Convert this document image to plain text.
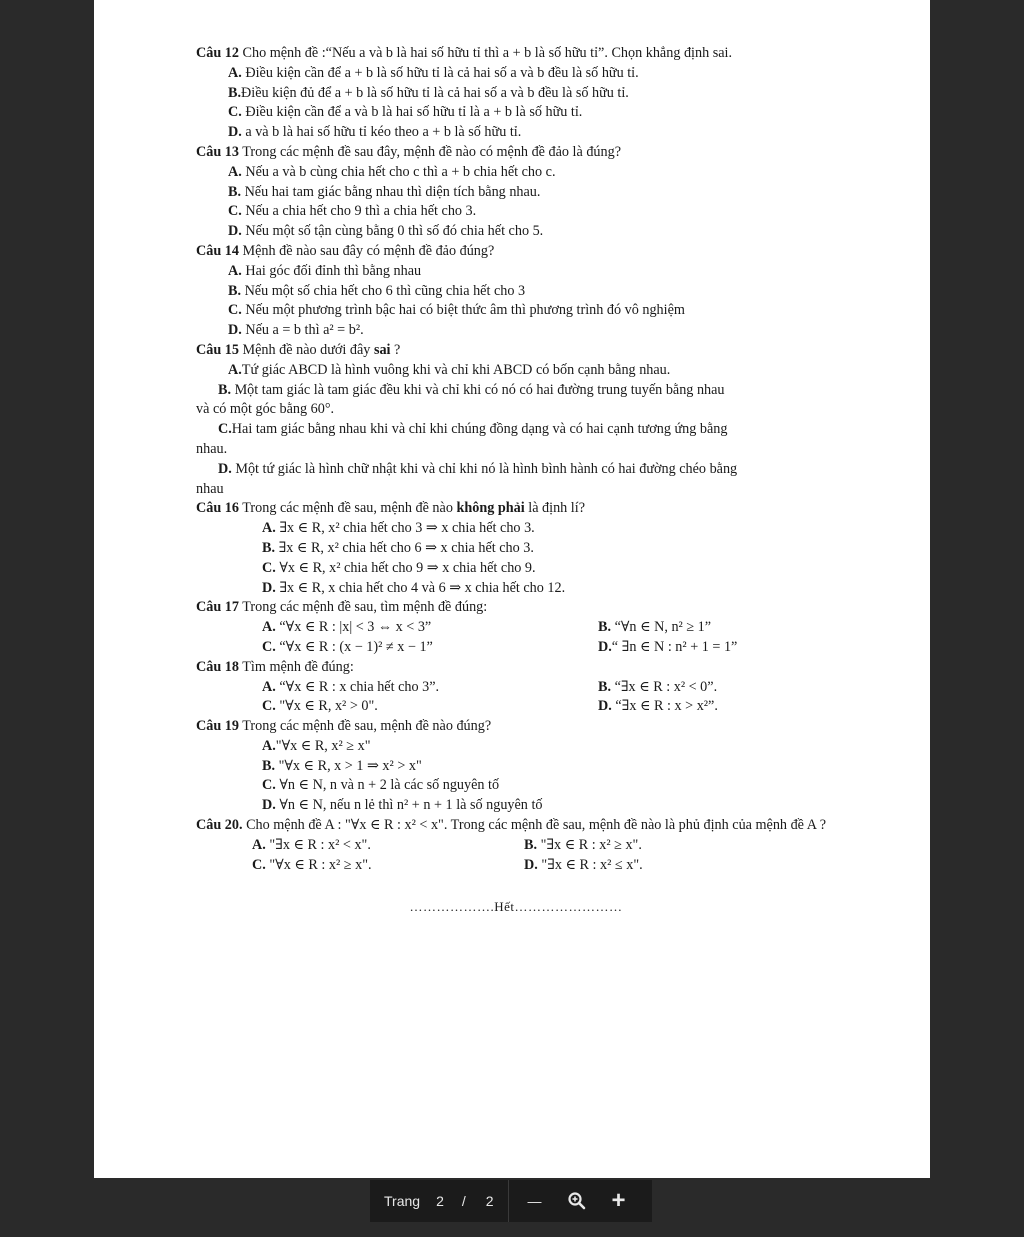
Câu 12 Cho mệnh đề :“Nếu a và b là hai số hữu tỉ thì a + b là số hữu tỉ”. Chọn khẳng định sai.
A. Điều kiện cần để a + b là số hữu tỉ là cả hai số a và b đều là số hữu tỉ.
B.Điều kiện đủ để a + b là số hữu tỉ là cả hai số a và b đều là số hữu tỉ.
C. Điều kiện cần để a và b là hai số hữu tỉ là a + b là số hữu tỉ.
D. a và b là hai số hữu tỉ kéo theo a + b là số hữu tỉ.
Câu 13 Trong các mệnh đề sau đây, mệnh đề nào có mệnh đề đảo là đúng?
A. Nếu a và b cùng chia hết cho c thì a + b chia hết cho c.
B. Nếu hai tam giác bằng nhau thì diện tích bằng nhau.
C. Nếu a chia hết cho 9 thì a chia hết cho 3.
D. Nếu một số tận cùng bằng 0 thì số đó chia hết cho 5.
Câu 14 Mệnh đề nào sau đây có mệnh đề đảo đúng?
A. Hai góc đối đỉnh thì bằng nhau
B. Nếu một số chia hết cho 6 thì cũng chia hết cho 3
C. Nếu một phương trình bậc hai có biệt thức âm thì phương trình đó vô nghiệm
D. Nếu a = b thì a² = b².
Câu 15 Mệnh đề nào dưới đây sai ?
A.Tứ giác ABCD là hình vuông khi và chỉ khi ABCD có bốn cạnh bằng nhau.
B. Một tam giác là tam giác đều khi và chỉ khi có nó có hai đường trung tuyến bằng nhau
và có một góc bằng 60°.
C.Hai tam giác bằng nhau khi và chỉ khi chúng đồng dạng và có hai cạnh tương ứng bằng
nhau.
D. Một tứ giác là hình chữ nhật khi và chỉ khi nó là hình bình hành có hai đường chéo bằng
nhau
Câu 16 Trong các mệnh đề sau, mệnh đề nào không phải là định lí?
A. ∃x ∈ R, x² chia hết cho 3 ⇒ x chia hết cho 3.
B. ∃x ∈ R, x² chia hết cho 6 ⇒ x chia hết cho 3.
C. ∀x ∈ R, x² chia hết cho 9 ⇒ x chia hết cho 9.
D. ∃x ∈ R, x chia hết cho 4 và 6 ⇒ x chia hết cho 12.
Câu 17 Trong các mệnh đề sau, tìm mệnh đề đúng:
A. “∀x ∈ R : |x| < 3 ⇔ x < 3”	B. “∀n ∈ N, n² ≥ 1”
C. “∀x ∈ R : (x − 1)² ≠ x − 1”	D.“ ∃n ∈ N : n² + 1 = 1”
Câu 18 Tìm mệnh đề đúng:
A. “∀x ∈ R : x chia hết cho 3”.	B. “∃x ∈ R : x² < 0”.
C. "∀x ∈ R, x² > 0".	D. “∃x ∈ R : x > x²”.
Câu 19 Trong các mệnh đề sau, mệnh đề nào đúng?
A."∀x ∈ R, x² ≥ x"
B. "∀x ∈ R, x > 1 ⇒ x² > x"
C. ∀n ∈ N, n và n + 2 là các số nguyên tố
D. ∀n ∈ N, nếu n lẻ thì n² + n + 1 là số nguyên tố
Câu 20. Cho mệnh đề A : "∀x ∈ R : x² < x". Trong các mệnh đề sau, mệnh đề nào là phủ định của mệnh đề A ?
A. "∃x ∈ R : x² < x".	B. "∃x ∈ R : x² ≥ x".
C. "∀x ∈ R : x² ≥ x".	D. "∃x ∈ R : x² ≤ x".
……………….Hết……………………
Trang 2 / 2	—	+
